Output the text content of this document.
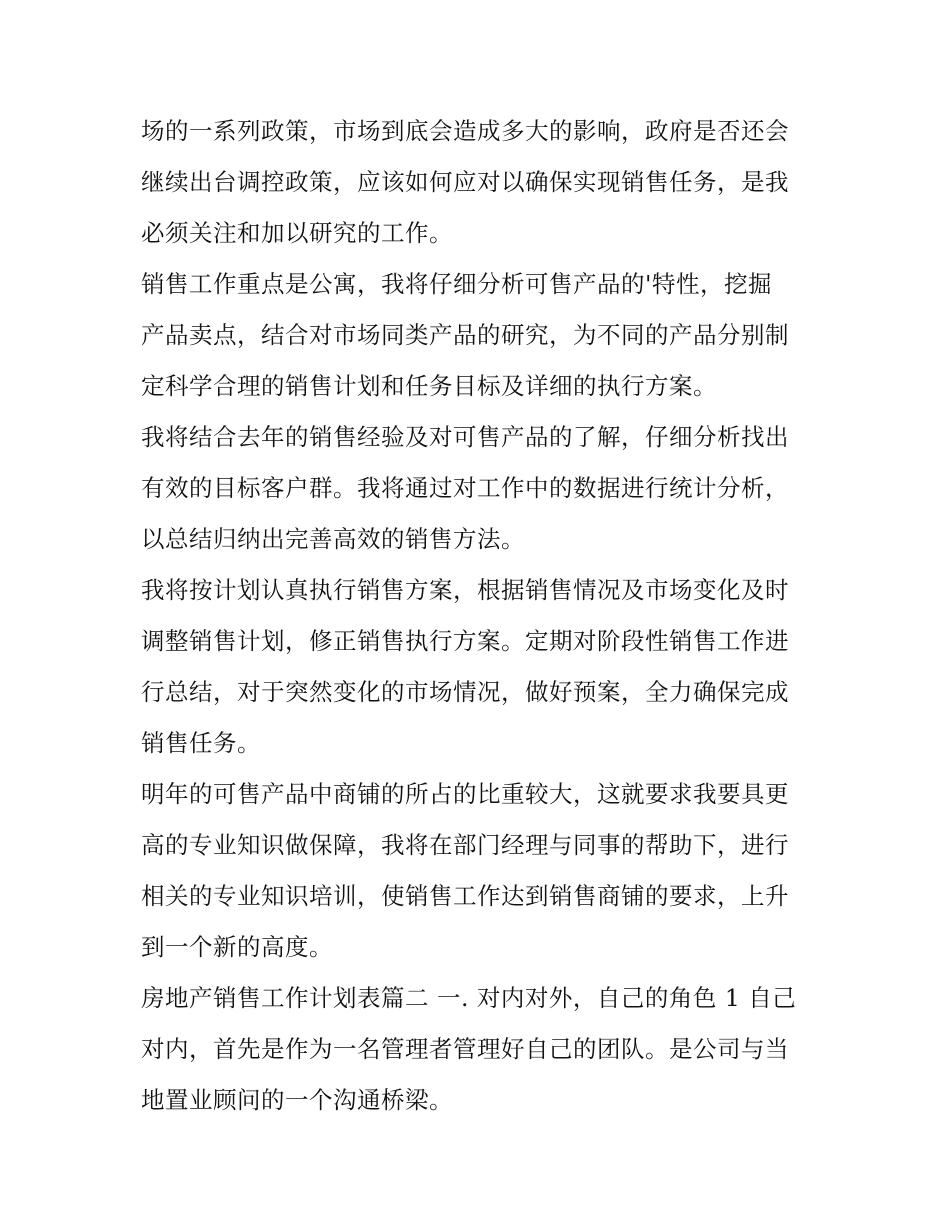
场的一系列政策，市场到底会造成多大的影响，政府是否还会
继续出台调控政策，应该如何应对以确保实现销售任务，是我
必须关注和加以研究的工作。
销售工作重点是公寓，我将仔细分析可售产品的'特性，挖掘
产品卖点，结合对市场同类产品的研究，为不同的产品分别制
定科学合理的销售计划和任务目标及详细的执行方案。
我将结合去年的销售经验及对可售产品的了解，仔细分析找出
有效的目标客户群。我将通过对工作中的数据进行统计分析，
以总结归纳出完善高效的销售方法。
我将按计划认真执行销售方案，根据销售情况及市场变化及时
调整销售计划，修正销售执行方案。定期对阶段性销售工作进
行总结，对于突然变化的市场情况，做好预案，全力确保完成
销售任务。
明年的可售产品中商铺的所占的比重较大，这就要求我要具更
高的专业知识做保障，我将在部门经理与同事的帮助下，进行
相关的专业知识培训，使销售工作达到销售商铺的要求，上升
到一个新的高度。
房地产销售工作计划表篇二 一. 对内对外，自己的角色 1 自己
对内，首先是作为一名管理者管理好自己的团队。是公司与当
地置业顾问的一个沟通桥梁。
